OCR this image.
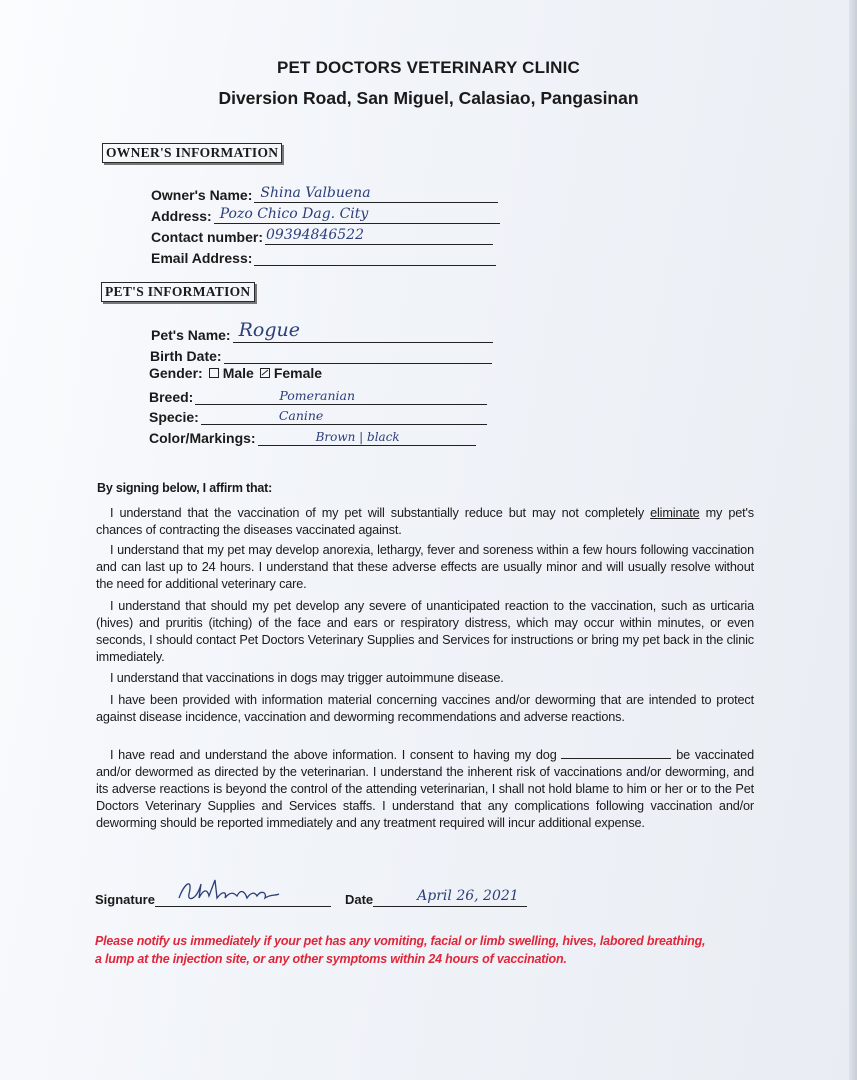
PET DOCTORS VETERINARY CLINIC
Diversion Road, San Miguel, Calasiao, Pangasinan
OWNER'S INFORMATION
Owner's Name: Shina Valbuena
Address: Pozo Chico Dag. City
Contact number: 09394846522
Email Address:
PET'S INFORMATION
Pet's Name: Rogue
Birth Date:
Gender: Male Female
Breed:	Pomeranian
Specie:	Canine
Color/Markings:	Brown | black
By signing below, I affirm that:
I understand that the vaccination of my pet will substantially reduce but may not completely eliminate my pet's chances of contracting the diseases vaccinated against.
I understand that my pet may develop anorexia, lethargy, fever and soreness within a few hours following vaccination and can last up to 24 hours. I understand that these adverse effects are usually minor and will usually resolve without the need for additional veterinary care.
I understand that should my pet develop any severe of unanticipated reaction to the vaccination, such as urticaria (hives) and pruritis (itching) of the face and ears or respiratory distress, which may occur within minutes, or even seconds, I should contact Pet Doctors Veterinary Supplies and Services for instructions or bring my pet back in the clinic immediately.
I understand that vaccinations in dogs may trigger autoimmune disease.
I have been provided with information material concerning vaccines and/or deworming that are intended to protect against disease incidence, vaccination and deworming recommendations and adverse reactions.
I have read and understand the above information. I consent to having my dog	be vaccinated and/or dewormed as directed by the veterinarian. I understand the inherent risk of vaccinations and/or deworming, and its adverse reactions is beyond the control of the attending veterinarian, I shall not hold blame to him or her or to the Pet Doctors Veterinary Supplies and Services staffs. I understand that any complications following vaccination and/or deworming should be reported immediately and any treatment required will incur additional expense.
Signature	Date	April 26, 2021
Please notify us immediately if your pet has any vomiting, facial or limb swelling, hives, labored breathing, a lump at the injection site, or any other symptoms within 24 hours of vaccination.
